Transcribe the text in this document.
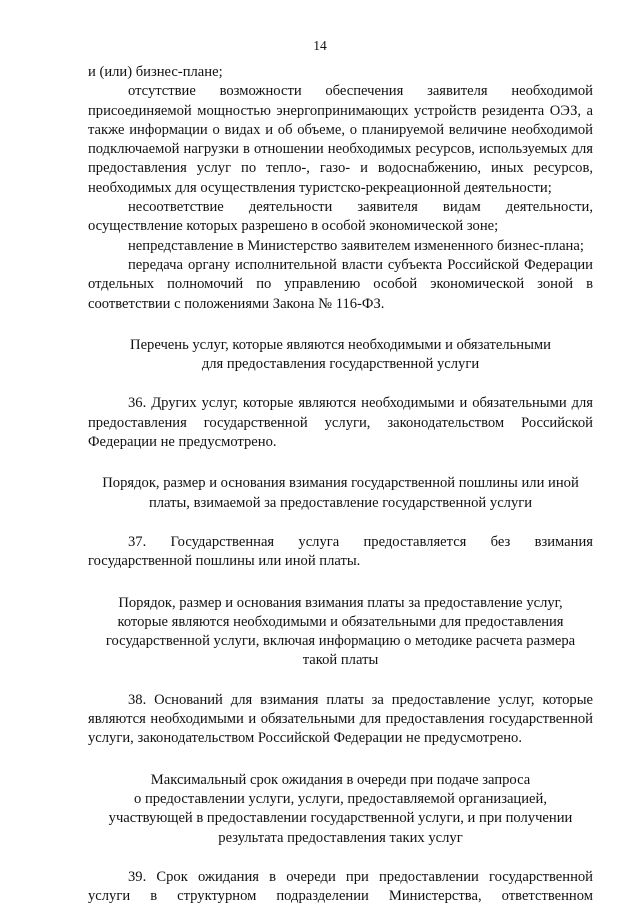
14

и (или) бизнес-плане;

отсутствие возможности обеспечения заявителя необходимой присоединяемой мощностью энергопринимающих устройств резидента ОЭЗ, а также информации о видах и об объеме, о планируемой величине необходимой подключаемой нагрузки в отношении необходимых ресурсов, используемых для предоставления услуг по тепло-, газо- и водоснабжению, иных ресурсов, необходимых для осуществления туристско-рекреационной деятельности;

несоответствие деятельности заявителя видам деятельности, осуществление которых разрешено в особой экономической зоне;

непредставление в Министерство заявителем измененного бизнес-плана;

передача органу исполнительной власти субъекта Российской Федерации отдельных полномочий по управлению особой экономической зоной в соответствии с положениями Закона № 116-ФЗ.

Перечень услуг, которые являются необходимыми и обязательными
для предоставления государственной услуги

36. Других услуг, которые являются необходимыми и обязательными для предоставления государственной услуги, законодательством Российской Федерации не предусмотрено.

Порядок, размер и основания взимания государственной пошлины или иной
платы, взимаемой за предоставление государственной услуги

37. Государственная услуга предоставляется без взимания государственной пошлины или иной платы.

Порядок, размер и основания взимания платы за предоставление услуг,
которые являются необходимыми и обязательными для предоставления
государственной услуги, включая информацию о методике расчета размера
такой платы

38. Оснований для взимания платы за предоставление услуг, которые являются необходимыми и обязательными для предоставления государственной услуги, законодательством Российской Федерации не предусмотрено.

Максимальный срок ожидания в очереди при подаче запроса
о предоставлении услуги, услуги, предоставляемой организацией,
участвующей в предоставлении государственной услуги, и при получении
результата предоставления таких услуг

39. Срок ожидания в очереди при предоставлении государственной услуги в структурном подразделении Министерства, ответственном
